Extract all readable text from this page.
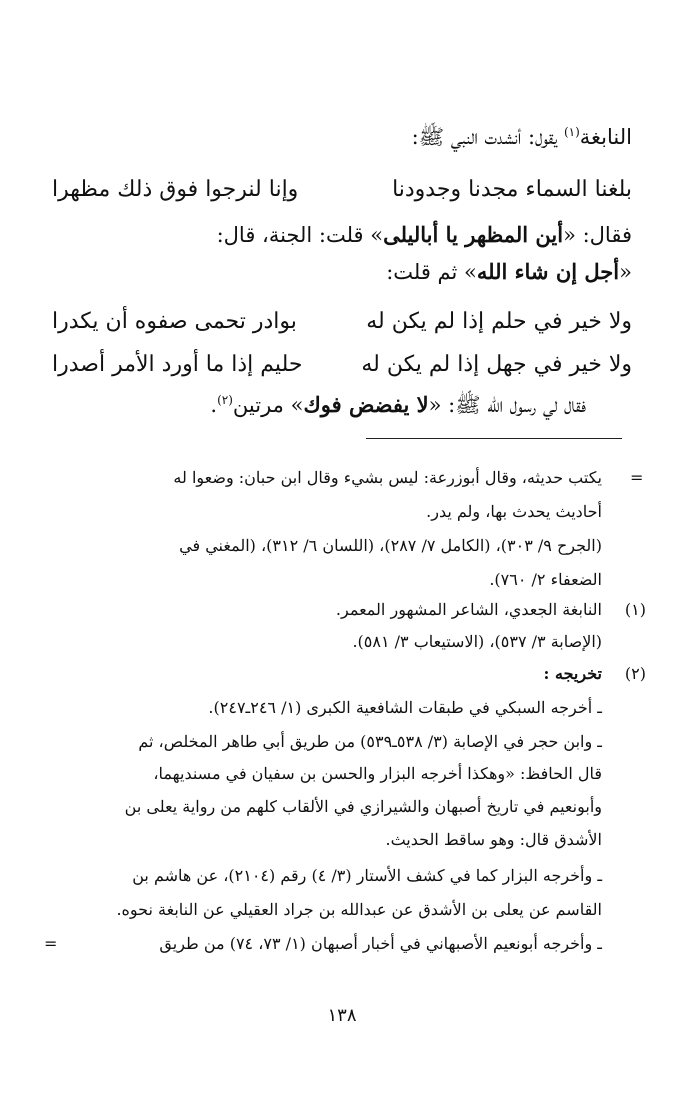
النابغة$^{(١)}$ يقول: أنشدت النبي ﷺ:
بلغنا السماء مجدنا وجدودنا
وإنا لنرجوا فوق ذلك مظهرا
فقال: «أين المظهر يا أباليلى» قلت: الجنة، قال:
«أجل إن شاء الله» ثم قلت:
ولا خير في حلم إذا لم يكن له
بوادر تحمى صفوه أن يكدرا
ولا خير في جهل إذا لم يكن له
حليم إذا ما أورد الأمر أصدرا
فقال لي رسول الله ﷺ: «لا يفضض فوك» مرتين$^{(٢)}$.
=
يكتب حديثه، وقال أبوزرعة: ليس بشيء وقال ابن حبان: وضعوا له
أحاديث يحدث بها، ولم يدر.
(الجرح ٩/ ٣٠٣)، (الكامل ٧/ ٢٨٧)، (اللسان ٦/ ٣١٢)، (المغني في
الضعفاء ٢/ ٧٦٠).
(١)
النابغة الجعدي، الشاعر المشهور المعمر.
(الإصابة ٣/ ٥٣٧)، (الاستيعاب ٣/ ٥٨١).
(٢)
تخريجه :
ـ أخرجه السبكي في طبقات الشافعية الكبرى (١/ ٢٤٦ـ٢٤٧).
ـ وابن حجر في الإصابة (٣/ ٥٣٨ـ٥٣٩) من طريق أبي طاهر المخلص، ثم
قال الحافظ: «وهكذا أخرجه البزار والحسن بن سفيان في مسنديهما،
وأبونعيم في تاريخ أصبهان والشيرازي في الألقاب كلهم من رواية يعلى بن
الأشدق قال: وهو ساقط الحديث.
ـ وأخرجه البزار كما في كشف الأستار (٣/ ٤) رقم (٢١٠٤)، عن هاشم بن
القاسم عن يعلى بن الأشدق عن عبدالله بن جراد العقيلي عن النابغة نحوه.
ـ وأخرجه أبونعيم الأصبهاني في أخبار أصبهان (١/ ٧٣، ٧٤) من طريق
=
١٣٨
